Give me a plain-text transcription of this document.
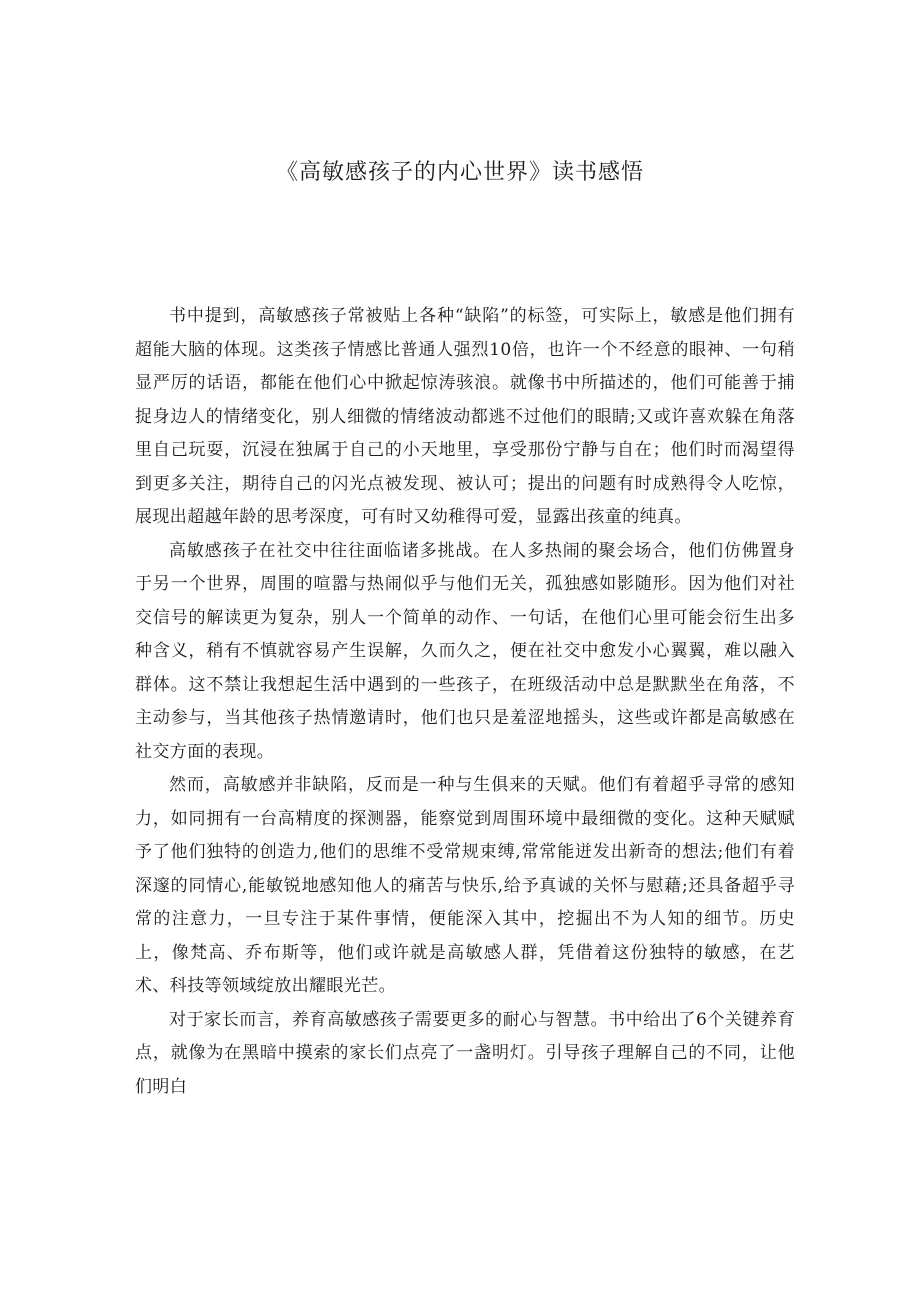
《高敏感孩子的内心世界》读书感悟

书中提到，高敏感孩子常被贴上各种“缺陷”的标签，可实际上，敏感是他们拥有超能大脑的体现。这类孩子情感比普通人强烈10倍，也许一个不经意的眼神、一句稍显严厉的话语，都能在他们心中掀起惊涛骇浪。就像书中所描述的，他们可能善于捕捉身边人的情绪变化，别人细微的情绪波动都逃不过他们的眼睛;又或许喜欢躲在角落里自己玩耍，沉浸在独属于自己的小天地里，享受那份宁静与自在；他们时而渴望得到更多关注，期待自己的闪光点被发现、被认可；提出的问题有时成熟得令人吃惊，展现出超越年龄的思考深度，可有时又幼稚得可爱，显露出孩童的纯真。

高敏感孩子在社交中往往面临诸多挑战。在人多热闹的聚会场合，他们仿佛置身于另一个世界，周围的喧嚣与热闹似乎与他们无关，孤独感如影随形。因为他们对社交信号的解读更为复杂，别人一个简单的动作、一句话，在他们心里可能会衍生出多种含义，稍有不慎就容易产生误解，久而久之，便在社交中愈发小心翼翼，难以融入群体。这不禁让我想起生活中遇到的一些孩子，在班级活动中总是默默坐在角落，不主动参与，当其他孩子热情邀请时，他们也只是羞涩地摇头，这些或许都是高敏感在社交方面的表现。

然而，高敏感并非缺陷，反而是一种与生俱来的天赋。他们有着超乎寻常的感知力，如同拥有一台高精度的探测器，能察觉到周围环境中最细微的变化。这种天赋赋予了他们独特的创造力,他们的思维不受常规束缚,常常能迸发出新奇的想法;他们有着深邃的同情心,能敏锐地感知他人的痛苦与快乐,给予真诚的关怀与慰藉;还具备超乎寻常的注意力，一旦专注于某件事情，便能深入其中，挖掘出不为人知的细节。历史上，像梵高、乔布斯等，他们或许就是高敏感人群，凭借着这份独特的敏感，在艺术、科技等领域绽放出耀眼光芒。

对于家长而言，养育高敏感孩子需要更多的耐心与智慧。书中给出了6个关键养育点，就像为在黑暗中摸索的家长们点亮了一盏明灯。引导孩子理解自己的不同，让他们明白
